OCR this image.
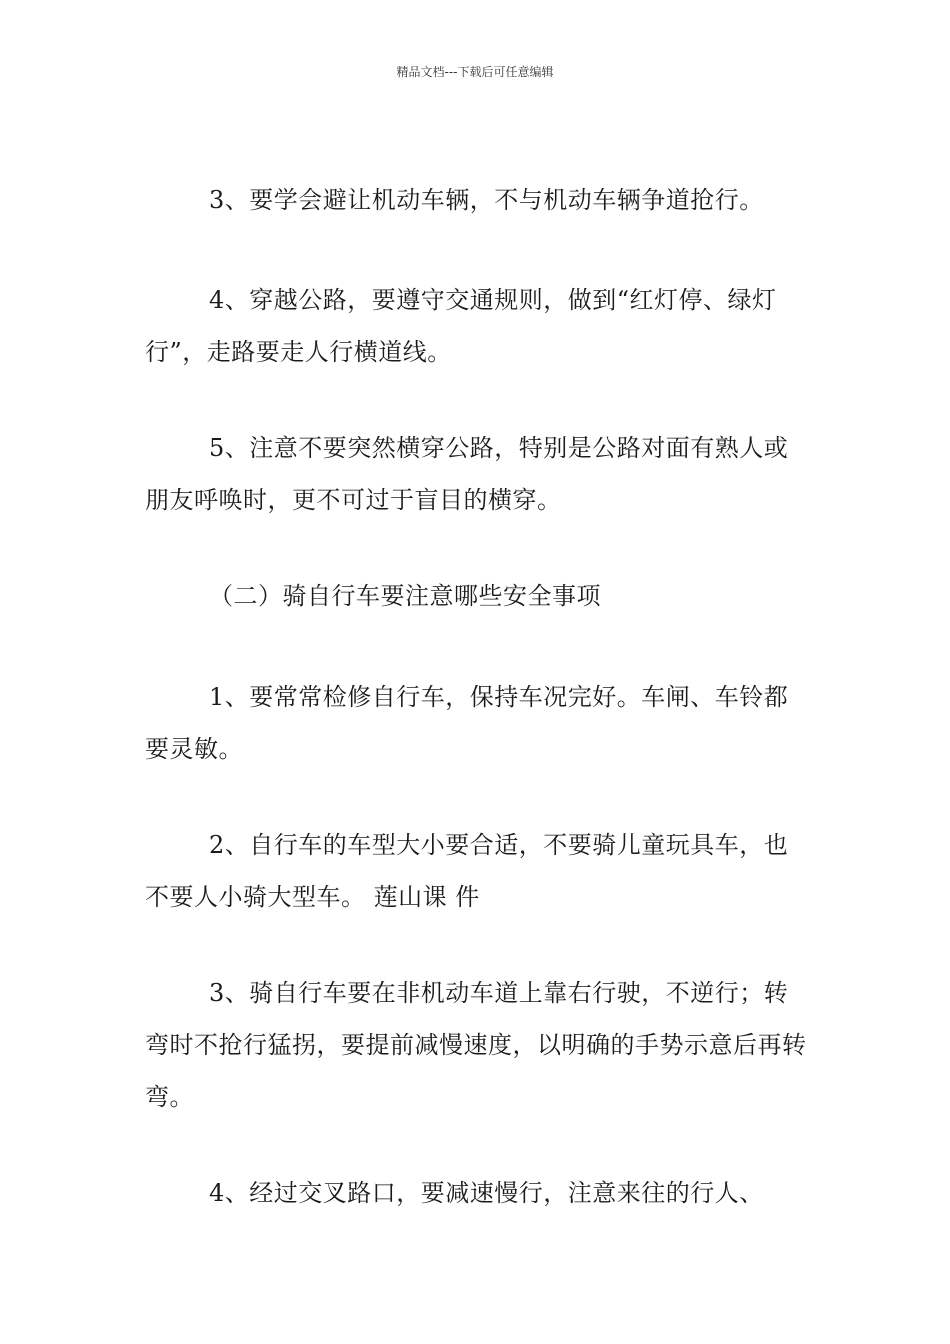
精品文档---下载后可任意编辑

3、要学会避让机动车辆，不与机动车辆争道抢行。

4、穿越公路，要遵守交通规则，做到“红灯停、绿灯行”，走路要走人行横道线。

5、注意不要突然横穿公路，特别是公路对面有熟人或朋友呼唤时，更不可过于盲目的横穿。

（二）骑自行车要注意哪些安全事项

1、要常常检修自行车，保持车况完好。车闸、车铃都要灵敏。

2、自行车的车型大小要合适，不要骑儿童玩具车，也不要人小骑大型车。 莲山课 件

3、骑自行车要在非机动车道上靠右行驶，不逆行；转弯时不抢行猛拐，要提前减慢速度，以明确的手势示意后再转弯。

4、经过交叉路口，要减速慢行，注意来往的行人、
